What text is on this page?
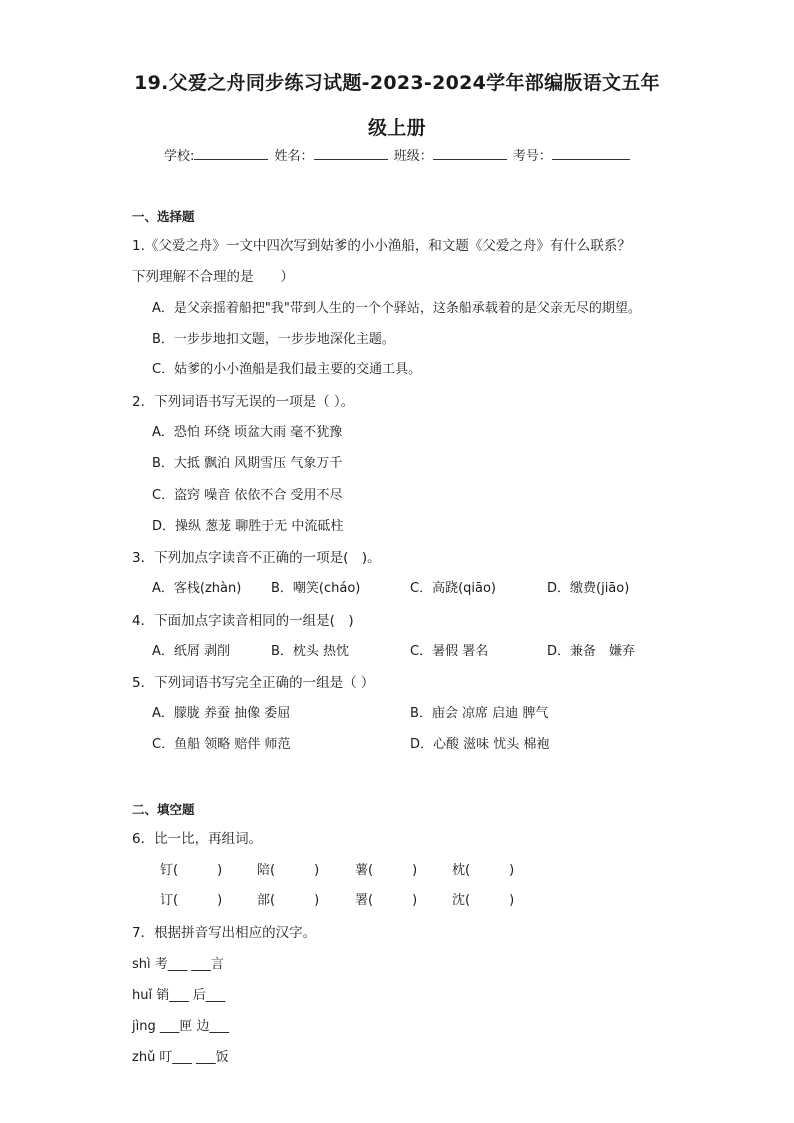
19.父爱之舟同步练习试题-2023-2024学年部编版语文五年
级上册
学校:	姓名：	班级：	考号：
一、选择题
1.《父爱之舟》一文中四次写到姑爹的小小渔船，和文题《父爱之舟》有什么联系？
下列理解不合理的是　　）
A．是父亲摇着船把"我"带到人生的一个个驿站，这条船承载着的是父亲无尽的期望。
B．一步步地扣文题，一步步地深化主题。
C．姑爹的小小渔船是我们最主要的交通工具。
2．下列词语书写无误的一项是（ ）。
A．恐怕 环绕 顷盆大雨 毫不犹豫
B．大抵 飘泊 风期雪压 气象万千
C．盗窍 噪音 依依不合 受用不尽
D．操纵 葱茏 聊胜于无 中流砥柱
3．下列加点字读音不正确的一项是(　)。
A．客栈(zhàn) B．嘲笑(cháo)	C．高跷(qiāo)	D．缴费(jiāo)
4．下面加点字读音相同的一组是(　)
A．纸屑 剥削	B．枕头 热忱	C．暑假 署名	D．兼备　嫌弃
5．下列词语书写完全正确的一组是（ ）
A．朦胧 养蚕 抽像 委屈	B．庙会 凉席 启迪 脾气
C．鱼船 领略 赔伴 师范	D．心酸 滋味 忧头 棉袍
二、填空题
6．比一比，再组词。
钉(　　　)	陪(　　　)	薯(　　　)	枕(　　　)
订(　　　)	部(　　　)	署(　　　)	沈(　　　)
7．根据拼音写出相应的汉字。
shì 考___ ___言
huǐ 销___ 后___
jìng ___匣 边___
zhǔ 叮___ ___饭
